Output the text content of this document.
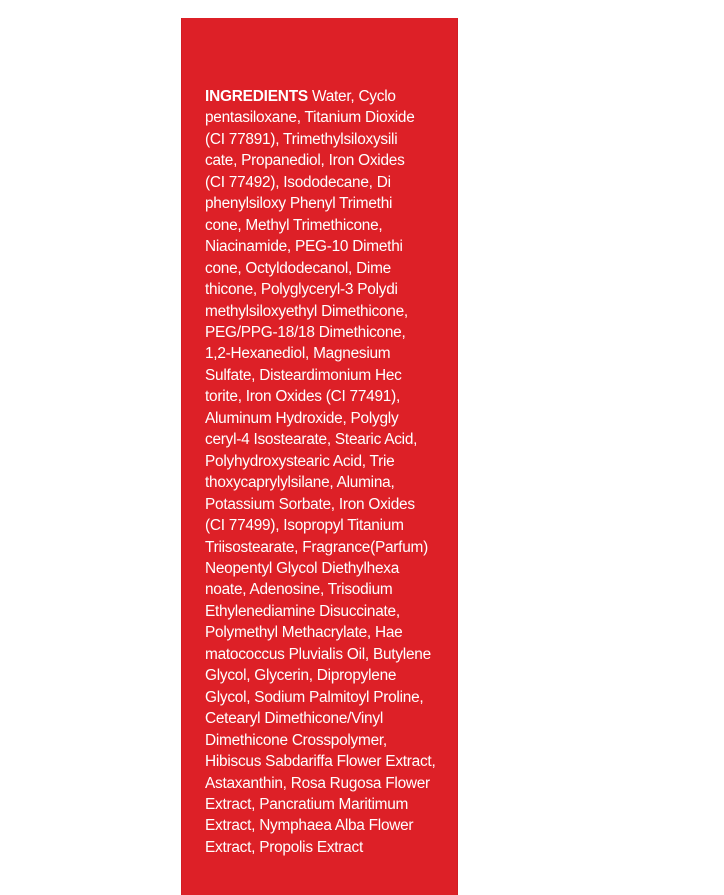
INGREDIENTS Water, Cyclo
pentasiloxane, Titanium Dioxide
(CI 77891), Trimethylsiloxysili
cate, Propanediol, Iron Oxides
(CI 77492), Isododecane, Di
phenylsiloxy Phenyl Trimethi
cone, Methyl Trimethicone,
Niacinamide, PEG-10 Dimethi
cone, Octyldodecanol, Dime
thicone, Polyglyceryl-3 Polydi
methylsiloxyethyl Dimethicone,
PEG/PPG-18/18 Dimethicone,
1,2-Hexanediol, Magnesium
Sulfate, Disteardimonium Hec
torite, Iron Oxides (CI 77491),
Aluminum Hydroxide, Polygly
ceryl-4 Isostearate, Stearic Acid,
Polyhydroxystearic Acid, Trie
thoxycaprylylsilane, Alumina,
Potassium Sorbate, Iron Oxides
(CI 77499), Isopropyl Titanium
Triisostearate, Fragrance(Parfum)
Neopentyl Glycol Diethylhexa
noate, Adenosine, Trisodium
Ethylenediamine Disuccinate,
Polymethyl Methacrylate, Hae
matococcus Pluvialis Oil, Butylene
Glycol, Glycerin, Dipropylene
Glycol, Sodium Palmitoyl Proline,
Cetearyl Dimethicone/Vinyl
Dimethicone Crosspolymer,
Hibiscus Sabdariffa Flower Extract,
Astaxanthin, Rosa Rugosa Flower
Extract, Pancratium Maritimum
Extract, Nymphaea Alba Flower
Extract, Propolis Extract
